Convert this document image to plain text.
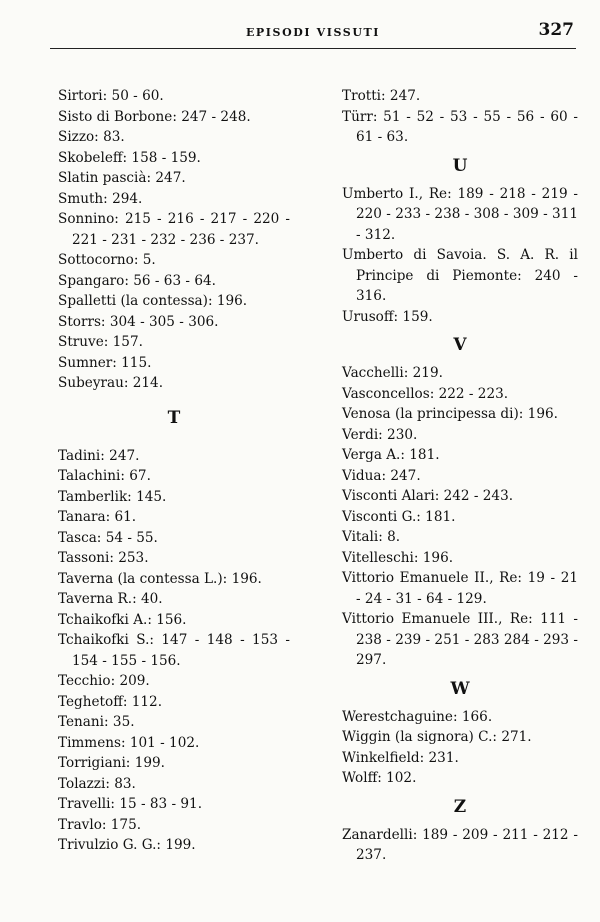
EPISODI VISSUTI	327
Sirtori: 50 - 60.
Sisto di Borbone: 247 - 248.
Sizzo: 83.
Skobeleff: 158 - 159.
Slatin pascià: 247.
Smuth: 294.
Sonnino: 215 - 216 - 217 - 220 - 221 - 231 - 232 - 236 - 237.
Sottocorno: 5.
Spangaro: 56 - 63 - 64.
Spalletti (la contessa): 196.
Storrs: 304 - 305 - 306.
Struve: 157.
Sumner: 115.
Subeyrau: 214.
T
Tadini: 247.
Talachini: 67.
Tamberlik: 145.
Tanara: 61.
Tasca: 54 - 55.
Tassoni: 253.
Taverna (la contessa L.): 196.
Taverna R.: 40.
Tchaikofki A.: 156.
Tchaikofki S.: 147 - 148 - 153 - 154 - 155 - 156.
Tecchio: 209.
Teghetoff: 112.
Tenani: 35.
Timmens: 101 - 102.
Torrigiani: 199.
Tolazzi: 83.
Travelli: 15 - 83 - 91.
Travlo: 175.
Trivulzio G. G.: 199.
Trotti: 247.
Türr: 51 - 52 - 53 - 55 - 56 - 60 - 61 - 63.
U
Umberto I., Re: 189 - 218 - 219 - 220 - 233 - 238 - 308 - 309 - 311 - 312.
Umberto di Savoia. S. A. R. il Principe di Piemonte: 240 - 316.
Urusoff: 159.
V
Vacchelli: 219.
Vasconcellos: 222 - 223.
Venosa (la principessa di): 196.
Verdi: 230.
Verga A.: 181.
Vidua: 247.
Visconti Alari: 242 - 243.
Visconti G.: 181.
Vitali: 8.
Vitelleschi: 196.
Vittorio Emanuele II., Re: 19 - 21 - 24 - 31 - 64 - 129.
Vittorio Emanuele III., Re: 111 - 238 - 239 - 251 - 283 284 - 293 - 297.
W
Werestchaguine: 166.
Wiggin (la signora) C.: 271.
Winkelfield: 231.
Wolff: 102.
Z
Zanardelli: 189 - 209 - 211 - 212 - 237.
